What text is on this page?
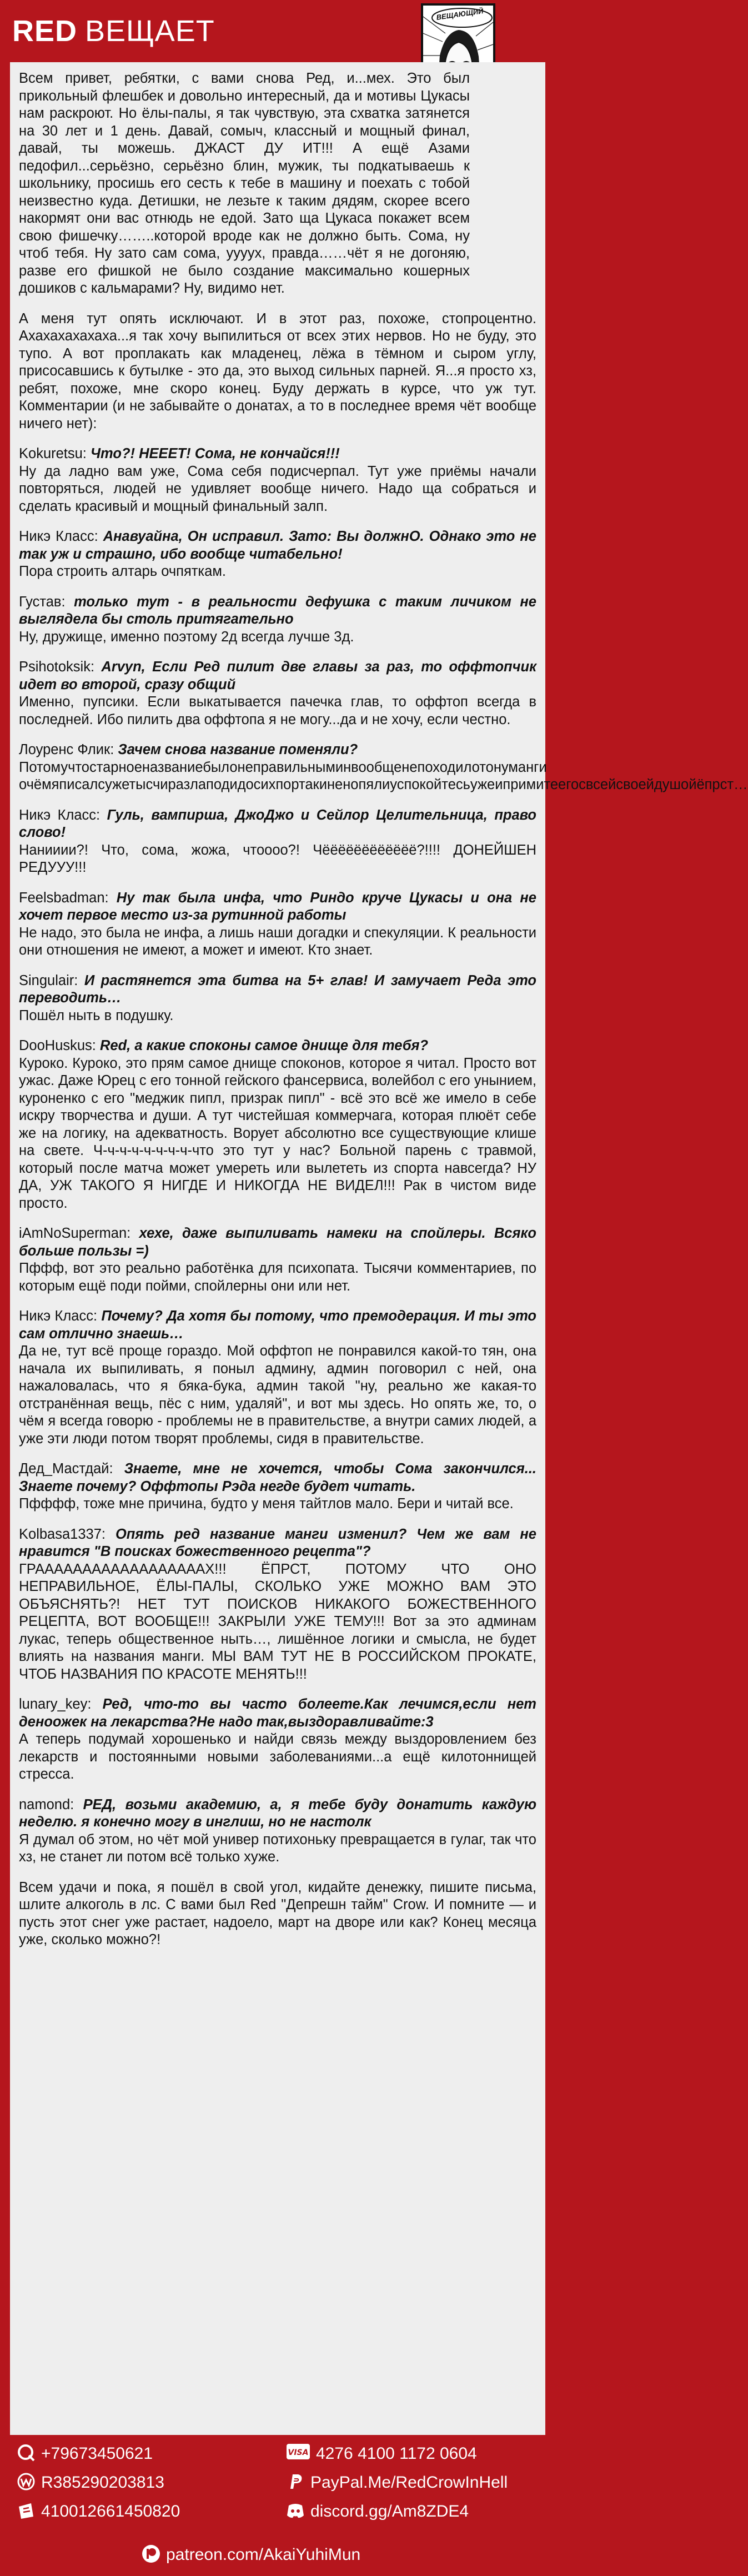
RED ВЕЩАЕТ
ВЕЩАЮЩИЙ

Всем привет, ребятки, с вами снова Ред, и...мех. Это был прикольный флешбек и довольно интересный, да и мотивы Цукасы нам раскроют. Но ёлы-палы, я так чувствую, эта схватка затянется на 30 лет и 1 день. Давай, сомыч, классный и мощный финал, давай, ты можешь. ДЖАСТ ДУ ИТ!!! А ещё Азами педофил...серьёзно, серьёзно блин, мужик, ты подкатываешь к школьнику, просишь его сесть к тебе в машину и поехать с тобой неизвестно куда. Детишки, не лезьте к таким дядям, скорее всего накормят они вас отнюдь не едой. Зато ща Цукаса покажет всем свою фишечку……..которой вроде как не должно быть. Сома, ну чтоб тебя. Ну зато сам сома, уууух, правда……чёт я не догоняю, разве его фишкой не было создание максимально кошерных дошиков с кальмарами? Ну, видимо нет.

А меня тут опять исключают. И в этот раз, похоже, стопроцентно. Ахахахахахаха...я так хочу выпилиться от всех этих нервов. Но не буду, это тупо. А вот проплакать как младенец, лёжа в тёмном и сыром углу, присосавшись к бутылке - это да, это выход сильных парней. Я...я просто хз, ребят, похоже, мне скоро конец. Буду держать в курсе, что уж тут. Комментарии (и не забывайте о донатах, а то в последнее время чёт вообще ничего нет):

Kokuretsu: Что?! НЕЕЕТ! Сома, не кончайся!!!
Ну да ладно вам уже, Сома себя подисчерпал. Тут уже приёмы начали повторяться, людей не удивляет вообще ничего. Надо ща собраться и сделать красивый и мощный финальный залп.

Никэ Класс: Анавуайна, Он исправил. Зато: Вы должнО. Однако это не так уж и страшно, ибо вообще читабельно!
Пора строить алтарь очпяткам.

Густав: только тут - в реальности дефушка с таким личиком не выглядела бы столь притягательно
Ну, дружище, именно поэтому 2д всегда лучше 3д.

Psihotoksik: Arvyn, Если Ред пилит две главы за раз, то оффтопчик идет во второй, сразу общий
Именно, пупсики. Если выкатывается пачечка глав, то оффтоп всегда в последней. Ибо пилить два оффтопа я не могу...да и не хочу, если честно.

Лоуренс Флик: Зачем снова название поменяли?
Потомучтостарноеназваниебылонеправильныминвообщенепоходилотонуманги очёмяписалсужетысчиразлаподидосихпортакиненопялиуспокойтесьужеипримитеегосвсейсвоейдушойёпрст…

Никэ Класс: Гуль, вампирша, ДжоДжо и Сейлор Целительница, право слово!
Нанииии?! Что, сома, жожа, чтоооо?! Чёёёёёёёёёёёё?!!!! ДОНЕЙШЕН РЕДУУУ!!!

Feelsbadman: Ну так была инфа, что Риндо круче Цукасы и она не хочет первое место из-за рутинной работы
Не надо, это была не инфа, а лишь наши догадки и спекуляции. К реальности они отношения не имеют, а может и имеют. Кто знает.

Singulair: И растянется эта битва на 5+ глав! И замучает Реда это переводить…
Пошёл ныть в подушку.

DooHuskus: Red, а какие споконы самое днище для тебя?
Куроко. Куроко, это прям самое днище споконов, которое я читал. Просто вот ужас. Даже Юрец с его тонной гейского фансервиса, волейбол с его унынием, куроненко с его "меджик пипл, призрак пипл" - всё это всё же имело в себе искру творчества и души. А тут чистейшая коммерчага, которая плюёт себе же на логику, на адекватность. Ворует абсолютно все существующие клише на свете. Ч-ч-ч-ч-ч-ч-ч-ч-что это тут у нас? Больной парень с травмой, который после матча может умереть или вылететь из спорта навсегда? НУ ДА, УЖ ТАКОГО Я НИГДЕ И НИКОГДА НЕ ВИДЕЛ!!! Рак в чистом виде просто.

iAmNoSuperman: хехе, даже выпиливать намеки на спойлеры. Всяко больше пользы =)
Пффф, вот это реально работёнка для психопата. Тысячи комментариев, по которым ещё поди пойми, спойлерны они или нет.

Никэ Класс: Почему? Да хотя бы потому, что премодерация. И ты это сам отлично знаешь…
Да не, тут всё проще гораздо. Мой оффтоп не понравился какой-то тян, она начала их выпиливать, я поныл админу, админ поговорил с ней, она нажаловалась, что я бяка-бука, админ такой "ну, реально же какая-то отстранённая вещь, пёс с ним, удаляй", и вот мы здесь. Но опять же, то, о чём я всегда говорю - проблемы не в правительстве, а внутри самих людей, а уже эти люди потом творят проблемы, сидя в правительстве.

Дед_Мастдай: Знаете, мне не хочется, чтобы Сома закончился... Знаете почему? Оффтопы Рэда негде будет читать.
Пфффф, тоже мне причина, будто у меня тайтлов мало. Бери и читай все.

Kolbasa1337: Опять ред название манги изменил? Чем же вам не нравится "В поисках божественного рецепта"?
ГРААААААААААААААААААХ!!! ЁПРСТ, ПОТОМУ ЧТО ОНО НЕПРАВИЛЬНОЕ, ЁЛЫ-ПАЛЫ, СКОЛЬКО УЖЕ МОЖНО ВАМ ЭТО ОБЪЯСНЯТЬ?! НЕТ ТУТ ПОИСКОВ НИКАКОГО БОЖЕСТВЕННОГО РЕЦЕПТА, ВОТ ВООБЩЕ!!! ЗАКРЫЛИ УЖЕ ТЕМУ!!! Вот за это админам лукас, теперь общественное ныть…, лишённое логики и смысла, не будет влиять на названия манги. МЫ ВАМ ТУТ НЕ В РОССИЙСКОМ ПРОКАТЕ, ЧТОБ НАЗВАНИЯ ПО КРАСОТЕ МЕНЯТЬ!!!

lunary_key: Ред, что-то вы часто болеете.Как лечимся,если нет деноожек на лекарства?Не надо так,выздоравливайте:3
А теперь подумай хорошенько и найди связь между выздоровлением без лекарств и постоянными новыми заболеваниями...а ещё килотоннищей стресса.

namond: РЕД, возьми академию, а, я тебе буду донатить каждую неделю. я конечно могу в инглиш, но не настолк
Я думал об этом, но чёт мой универ потихоньку превращается в гулаг, так что хз, не станет ли потом всё только хуже.

Всем удачи и пока, я пошёл в свой угол, кидайте денежку, пишите письма, шлите алкоголь в лс. С вами был Red "Депрешн тайм" Crow. И помните — и пусть этот снег уже растает, надоело, март на дворе или как? Конец месяца уже, сколько можно?!

+79673450621
R385290203813
410012661450820
VISA 4276 4100 1172 0604
PayPal.Me/RedCrowInHell
discord.gg/Am8ZDE4
patreon.com/AkaiYuhiMun
